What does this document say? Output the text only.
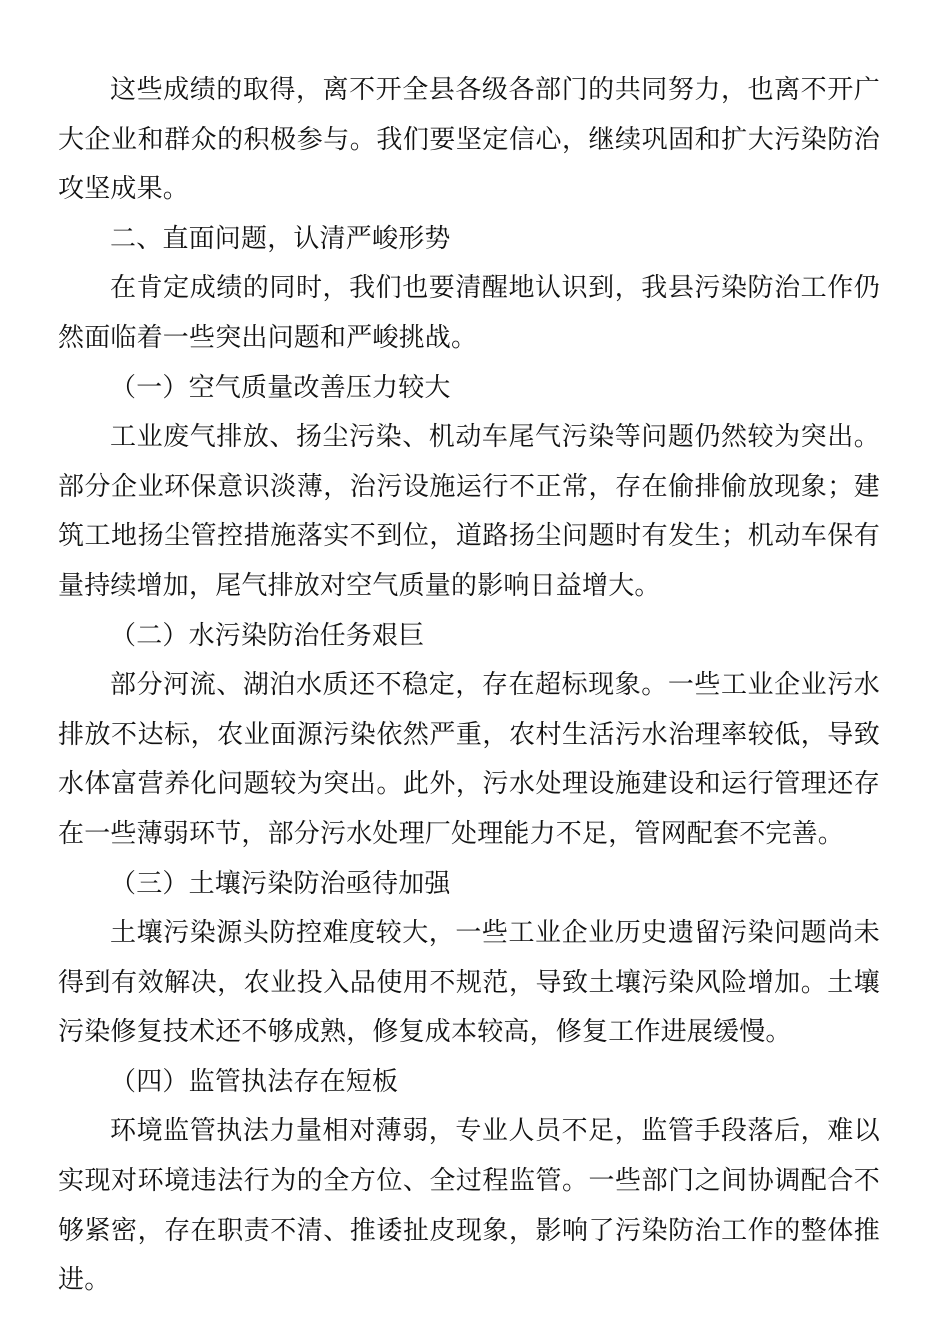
这些成绩的取得，离不开全县各级各部门的共同努力，也离不开广大企业和群众的积极参与。我们要坚定信心，继续巩固和扩大污染防治攻坚成果。

二、直面问题，认清严峻形势

在肯定成绩的同时，我们也要清醒地认识到，我县污染防治工作仍然面临着一些突出问题和严峻挑战。

（一）空气质量改善压力较大

工业废气排放、扬尘污染、机动车尾气污染等问题仍然较为突出。部分企业环保意识淡薄，治污设施运行不正常，存在偷排偷放现象；建筑工地扬尘管控措施落实不到位，道路扬尘问题时有发生；机动车保有量持续增加，尾气排放对空气质量的影响日益增大。

（二）水污染防治任务艰巨

部分河流、湖泊水质还不稳定，存在超标现象。一些工业企业污水排放不达标，农业面源污染依然严重，农村生活污水治理率较低，导致水体富营养化问题较为突出。此外，污水处理设施建设和运行管理还存在一些薄弱环节，部分污水处理厂处理能力不足，管网配套不完善。

（三）土壤污染防治亟待加强

土壤污染源头防控难度较大，一些工业企业历史遗留污染问题尚未得到有效解决，农业投入品使用不规范，导致土壤污染风险增加。土壤污染修复技术还不够成熟，修复成本较高，修复工作进展缓慢。

（四）监管执法存在短板

环境监管执法力量相对薄弱，专业人员不足，监管手段落后，难以实现对环境违法行为的全方位、全过程监管。一些部门之间协调配合不够紧密，存在职责不清、推诿扯皮现象，影响了污染防治工作的整体推进。
